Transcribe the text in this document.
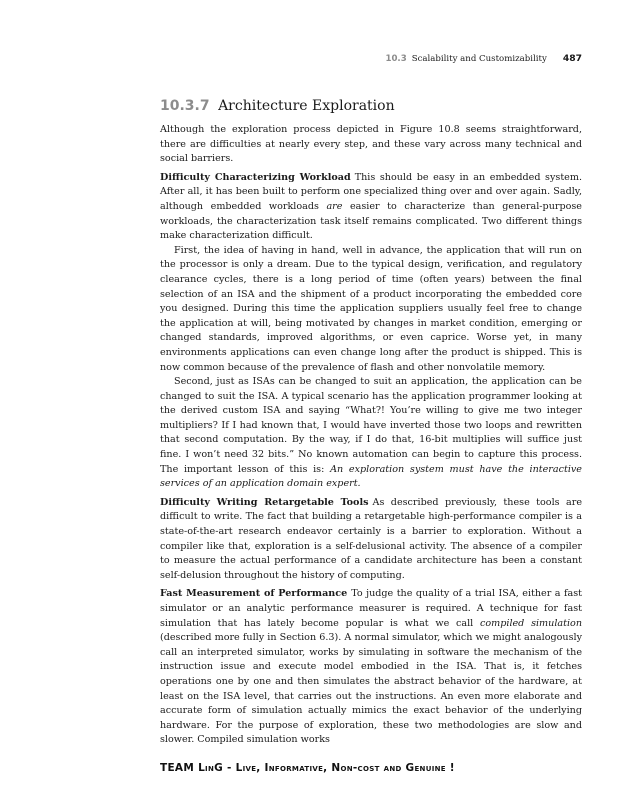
10.3 Scalability and Customizability 487
10.3.7 Architecture Exploration

Although the exploration process depicted in Figure 10.8 seems straightforward, there are difficulties at nearly every step, and these vary across many technical and social barriers.

Difficulty Characterizing Workload This should be easy in an embedded system. After all, it has been built to perform one specialized thing over and over again. Sadly, although embedded workloads are easier to characterize than general-purpose workloads, the characterization task itself remains complicated. Two different things make characterization difficult.

First, the idea of having in hand, well in advance, the application that will run on the processor is only a dream. Due to the typical design, verification, and regulatory clearance cycles, there is a long period of time (often years) between the final selection of an ISA and the shipment of a product incorporating the embedded core you designed. During this time the application suppliers usually feel free to change the application at will, being motivated by changes in market condition, emerging or changed standards, improved algorithms, or even caprice. Worse yet, in many environments applications can even change long after the product is shipped. This is now common because of the prevalence of flash and other nonvolatile memory.

Second, just as ISAs can be changed to suit an application, the application can be changed to suit the ISA. A typical scenario has the application programmer looking at the derived custom ISA and saying “What?! You’re willing to give me two integer multipliers? If I had known that, I would have inverted those two loops and rewritten that second computation. By the way, if I do that, 16-bit multiplies will suffice just fine. I won’t need 32 bits.” No known automation can begin to capture this process. The important lesson of this is: An exploration system must have the interactive services of an application domain expert.

Difficulty Writing Retargetable Tools As described previously, these tools are difficult to write. The fact that building a retargetable high-performance compiler is a state-of-the-art research endeavor certainly is a barrier to exploration. Without a compiler like that, exploration is a self-delusional activity. The absence of a compiler to measure the actual performance of a candidate architecture has been a constant self-delusion throughout the history of computing.

Fast Measurement of Performance To judge the quality of a trial ISA, either a fast simulator or an analytic performance measurer is required. A technique for fast simulation that has lately become popular is what we call compiled simulation (described more fully in Section 6.3). A normal simulator, which we might analogously call an interpreted simulator, works by simulating in software the mechanism of the instruction issue and execute model embodied in the ISA. That is, it fetches operations one by one and then simulates the abstract behavior of the hardware, at least on the ISA level, that carries out the instructions. An even more elaborate and accurate form of simulation actually mimics the exact behavior of the underlying hardware. For the purpose of exploration, these two methodologies are slow and slower. Compiled simulation works

TEAM LinG - Live, Informative, Non-cost and Genuine !
